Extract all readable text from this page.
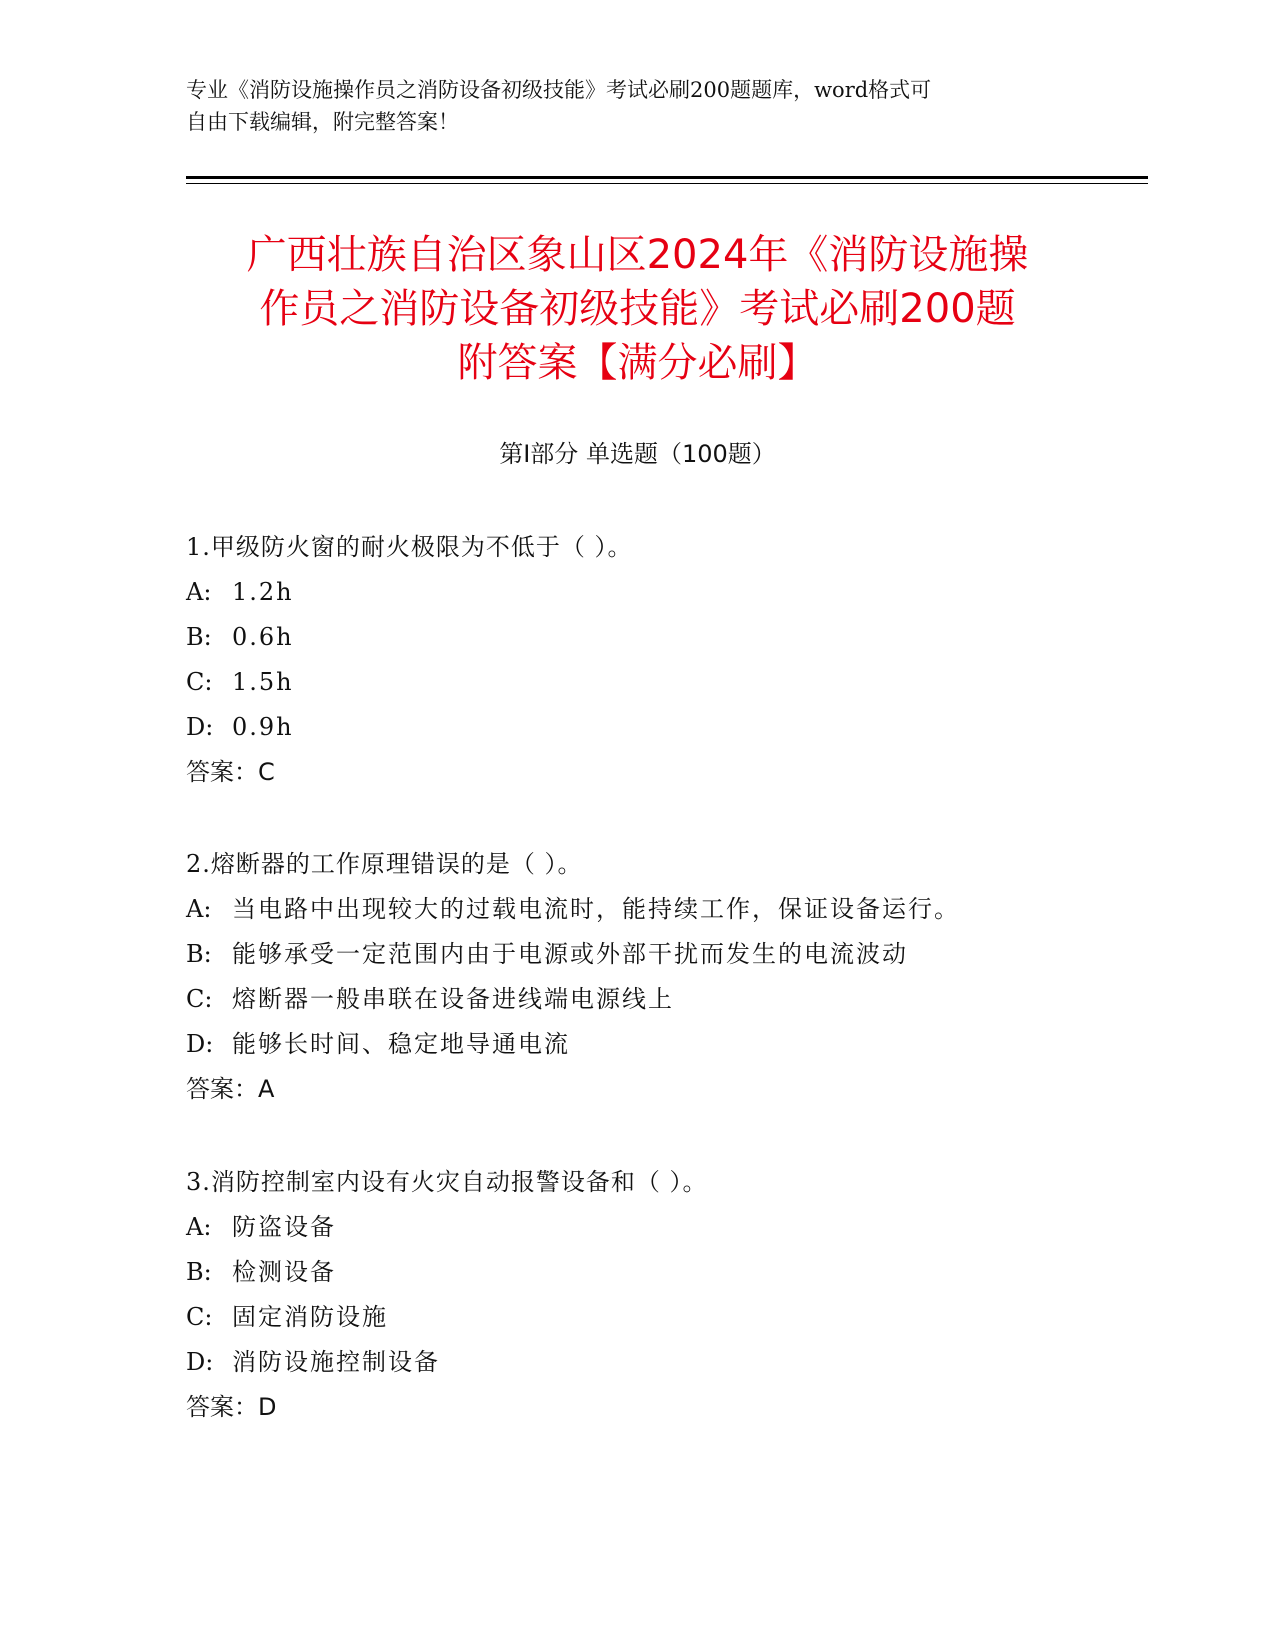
专业《消防设施操作员之消防设备初级技能》考试必刷200题题库，word格式可
自由下载编辑，附完整答案！
广西壮族自治区象山区2024年《消防设施操
作员之消防设备初级技能》考试必刷200题
附答案【满分必刷】
第Ⅰ部分 单选题（100题）
1.甲级防火窗的耐火极限为不低于（ ）。
A: 1.2h
B: 0.6h
C: 1.5h
D: 0.9h
答案：C
2.熔断器的工作原理错误的是（ ）。
A: 当电路中出现较大的过载电流时，能持续工作，保证设备运行。
B: 能够承受一定范围内由于电源或外部干扰而发生的电流波动
C: 熔断器一般串联在设备进线端电源线上
D: 能够长时间、稳定地导通电流
答案：A
3.消防控制室内设有火灾自动报警设备和（ ）。
A: 防盗设备
B: 检测设备
C: 固定消防设施
D: 消防设施控制设备
答案：D
